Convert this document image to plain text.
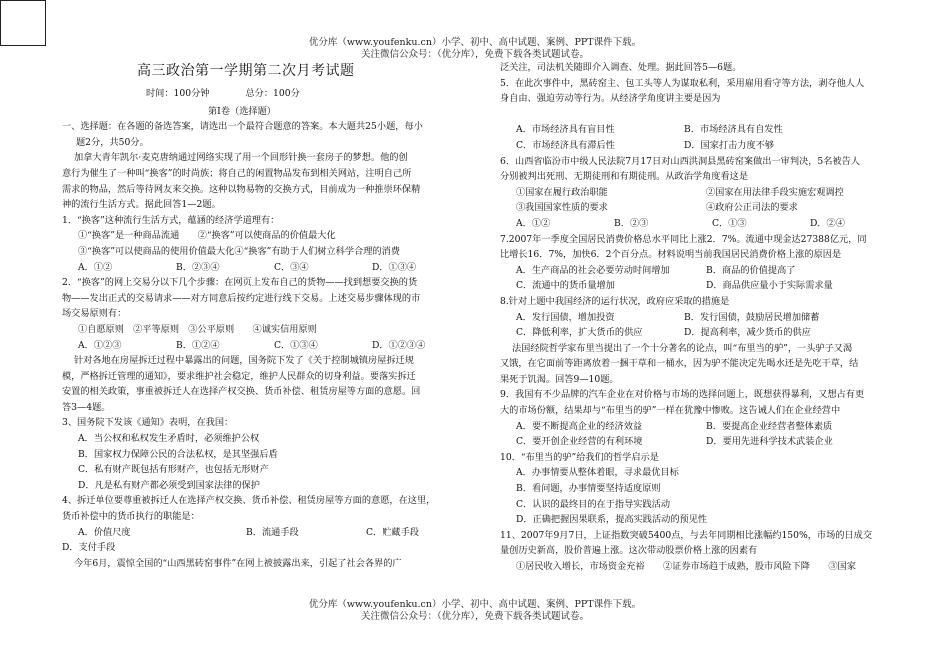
优分库（www.youfenku.cn）小学、初中、高中试题、案例、PPT课件下载。
关注微信公众号：（优分库），免费下载各类试题试卷。

高三政治第一学期第二次月考试题

时间：100分钟	总分：100分

第Ⅰ卷（选择题）

一、选择题：在各题的备选答案，请选出一个最符合题意的答案。本大题共25小题，每小

题2分，共50分。

加拿大青年凯尔·麦克唐纳通过网络实现了用一个回形针换一套房子的梦想。他的创

意行为催生了一种叫“换客”的时尚族；将自己的闲置物品发布到相关网站，注明自己所

需求的物品，然后等待网友来交换。这种以物易物的交换方式，目前成为一种推崇环保精

神的流行生活方式。据此回答1—2题。

1．“换客”这种流行生活方式，蕴涵的经济学道理有：

①“换客”是一种商品流通　　②“换客”可以使商品的价值最大化

③“换客”可以使商品的使用价值最大化④“换客”有助于人们树立科学合理的消费

A．①②	B．②③④	C．③④	D．①③④

2．“换客”的网上交易分以下几个步骤：在网页上发布自己的货物——找到想要交换的货

物——发出正式的交易请求——对方同意后按约定进行线下交易。上述交易步骤体现的市

场交易原则有：

①自愿原则　②平等原则　③公平原则　　④诚实信用原则

A．①②③	B．①②④	C．①③④	D．①②③④

针对各地在房屋拆迁过程中暴露出的问题，国务院下发了《关于控制城镇房屋拆迁规

模，严格拆迁管理的通知》，要求维护社会稳定，维护人民群众的切身利益。要落实拆迁

安置的相关政策，事重被拆迁人在选择产权交换、货币补偿、租赁房屋等方面的意愿。回

答3—4题。

3、国务院下发该《通知》表明，在我国：

A．当公权和私权发生矛盾时，必须维护公权

B．国家权力保障公民的合法私权，是其坚强后盾

C．私有财产既包括有形财产，也包括无形财产

D．凡是私有财产都必须受到国家法律的保护

4、拆迁单位要尊重被拆迁人在选择产权交换、货币补偿、租赁房屋等方面的意愿，在这里，

货币补偿中的货币执行的职能是：

A．价值尺度	B．流通手段	C．贮藏手段

D．支付手段

今年6月，震惊全国的“山西黑砖窑事件”在网上被披露出来，引起了社会各界的广

泛关注，司法机关随即介入调查、处理。据此回答5—6题。

5．在此次事件中，黑砖窑主、包工头等人为谋取私利，采用雇用看守等方法，剥夺他人人

身自由、强迫劳动等行为。从经济学角度讲主要是因为

A．市场经济具有盲目性	B．市场经济具有自发性

C．市场经济具有滞后性	D．国家打击力度不够

6．山西省临汾市中级人民法院7月17日对山西洪洞县黑砖窑案做出一审判决，5名被告人

分别被判出死刑、无期徒刑和有期徒刑。从政治学角度看这是

①国家在履行政治职能	②国家在用法律手段实施宏观调控

③我国国家性质的要求	④政府公正司法的要求

A．①②	B．②③	C．①③	D．②④

7.2007年一季度全国居民消费价格总水平同比上涨2．7%。流通中现金达27388亿元，同

比增长16．7%，加快6．2个百分点。材料说明当前我国居民消费价格上涨的原因是

A．生产商品的社会必要劳动时间增加	B．商品的价值提高了

C．流通中的货币量增加	D．商品供应量小于实际需求量

8.针对上题中我国经济的运行状况，政府应采取的措施是

A．发行国债，增加投资	B．发行国债，鼓励居民增加储蓄

C．降低利率，扩大货币的供应	D．提高利率，减少货币的供应

法国经院哲学家布里当提出了一个十分著名的论点，叫“布里当的驴”，一头驴子又渴

又饿，在它面前等距离放着一捆干草和一桶水，因为驴不能决定先喝水还是先吃干草，结

果死于饥渴。回答9—10题。

9．我国有不少品牌的汽车企业在对价格与市场的选择问题上，既想获得暴利，又想占有更

大的市场份额，结果却与“布里当的驴”一样在犹豫中惨败。这告诫人们在企业经营中

A．要不断提高企业的经济效益	B．要提高企业经营者整体素质

C．要开创企业经营的有利环境	D．要用先进科学技术武装企业

10．“布里当的驴”给我们的哲学启示是

A．办事情要从整体着眼，寻求最优目标

B．看问题，办事情要坚持适度原则

C．认识的最终目的在于指导实践活动

D．正确把握因果联系，提高实践活动的预见性

11、2007年9月7日，上证指数突破5400点，与去年同期相比涨幅约150%，市场的日成交

量创历史新高，股价普遍上涨。这次带动股票价格上涨的因素有

①居民收入增长，市场资金充裕　　②证券市场趋于成熟，股市风险下降　　③国家

优分库（www.youfenku.cn）小学、初中、高中试题、案例、PPT课件下载。
关注微信公众号：（优分库），免费下载各类试题试卷。
